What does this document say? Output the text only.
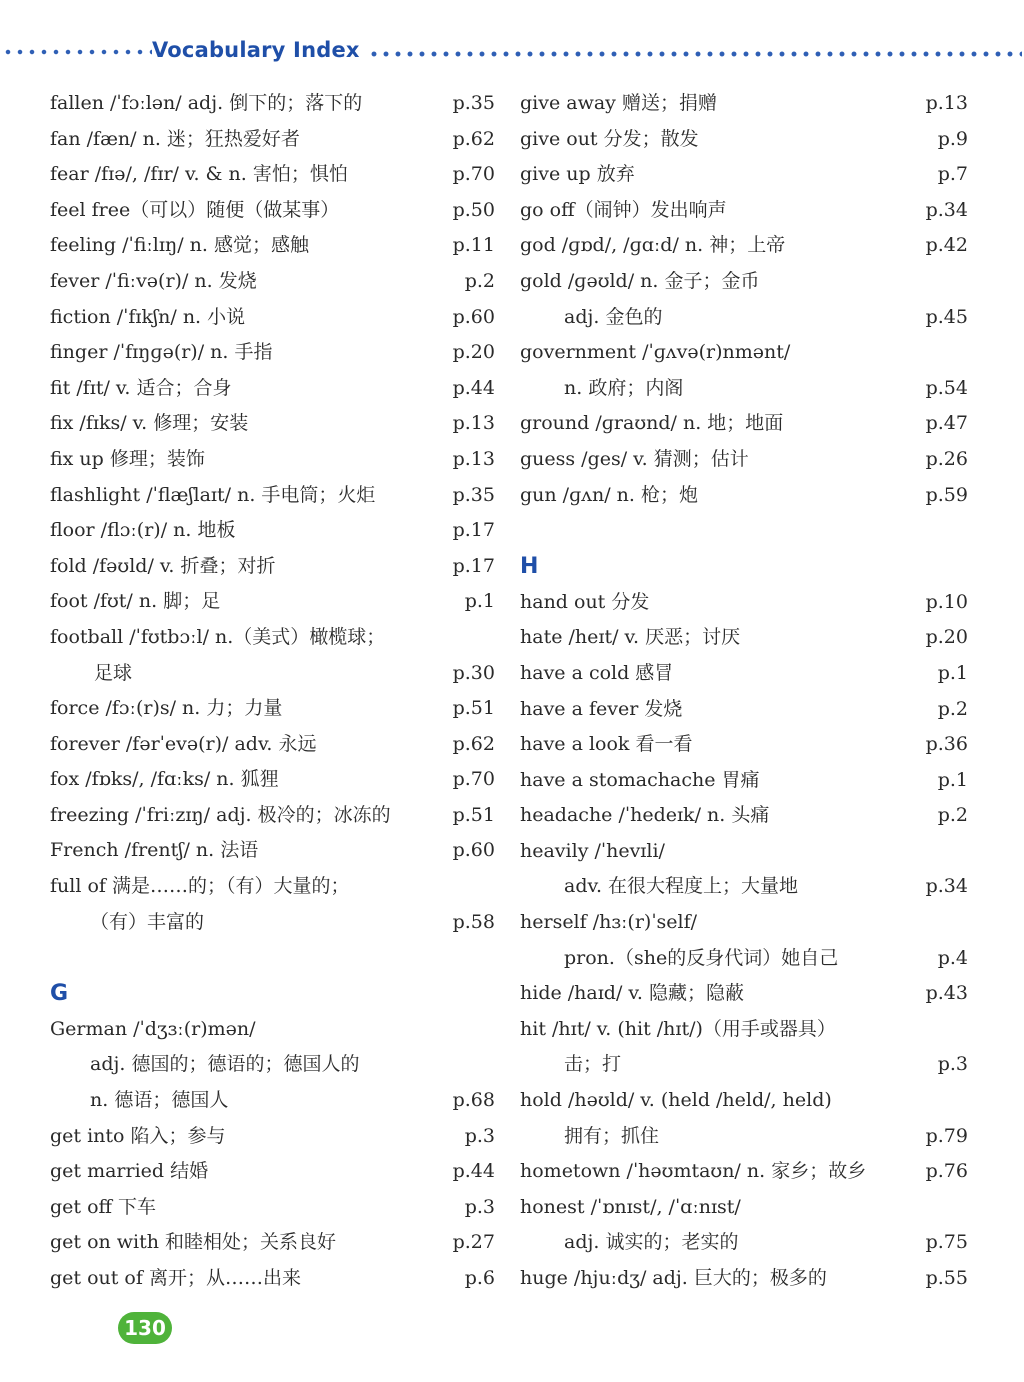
Vocabulary Index
fallen /ˈfɔːlən/ adj. 倒下的；落下的	p.35
fan /fæn/ n. 迷；狂热爱好者	p.62
fear /fɪə/, /fɪr/ v. & n. 害怕；惧怕	p.70
feel free（可以）随便（做某事）	p.50
feeling /ˈfiːlɪŋ/ n. 感觉；感触	p.11
fever /ˈfiːvə(r)/ n. 发烧	p.2
fiction /ˈfɪkʃn/ n. 小说	p.60
finger /ˈfɪŋɡə(r)/ n. 手指	p.20
fit /fɪt/ v. 适合；合身	p.44
fix /fɪks/ v. 修理；安装	p.13
fix up 修理；装饰	p.13
flashlight /ˈflæʃlaɪt/ n. 手电筒；火炬	p.35
floor /flɔː(r)/ n. 地板	p.17
fold /fəʊld/ v. 折叠；对折	p.17
foot /fʊt/ n. 脚；足	p.1
football /ˈfʊtbɔːl/ n.（美式）橄榄球；
足球	p.30
force /fɔː(r)s/ n. 力；力量	p.51
forever /fərˈevə(r)/ adv. 永远	p.62
fox /fɒks/, /fɑːks/ n. 狐狸	p.70
freezing /ˈfriːzɪŋ/ adj. 极冷的；冰冻的	p.51
French /frentʃ/ n. 法语	p.60
full of 满是……的；（有）大量的；
（有）丰富的	p.58
G
German /ˈdʒɜː(r)mən/
adj. 德国的；德语的；德国人的
n. 德语；德国人	p.68
get into 陷入；参与	p.3
get married 结婚	p.44
get off 下车	p.3
get on with 和睦相处；关系良好	p.27
get out of 离开；从……出来	p.6
give away 赠送；捐赠	p.13
give out 分发；散发	p.9
give up 放弃	p.7
go off（闹钟）发出响声	p.34
god /ɡɒd/, /ɡɑːd/ n. 神；上帝	p.42
gold /ɡəʊld/ n. 金子；金币
adj. 金色的	p.45
government /ˈɡʌvə(r)nmənt/
n. 政府；内阁	p.54
ground /ɡraʊnd/ n. 地；地面	p.47
guess /ges/ v. 猜测；估计	p.26
gun /ɡʌn/ n. 枪；炮	p.59
H
hand out 分发	p.10
hate /heɪt/ v. 厌恶；讨厌	p.20
have a cold 感冒	p.1
have a fever 发烧	p.2
have a look 看一看	p.36
have a stomachache 胃痛	p.1
headache /ˈhedeɪk/ n. 头痛	p.2
heavily /ˈhevɪli/
adv. 在很大程度上；大量地	p.34
herself /hɜː(r)ˈself/
pron.（she的反身代词）她自己	p.4
hide /haɪd/ v. 隐藏；隐蔽	p.43
hit /hɪt/ v. (hit /hɪt/)（用手或器具）
击；打	p.3
hold /həʊld/ v. (held /held/, held)
拥有；抓住	p.79
hometown /ˈhəʊmtaʊn/ n. 家乡；故乡	p.76
honest /ˈɒnɪst/, /ˈɑːnɪst/
adj. 诚实的；老实的	p.75
huge /hjuːdʒ/ adj. 巨大的；极多的	p.55
130
